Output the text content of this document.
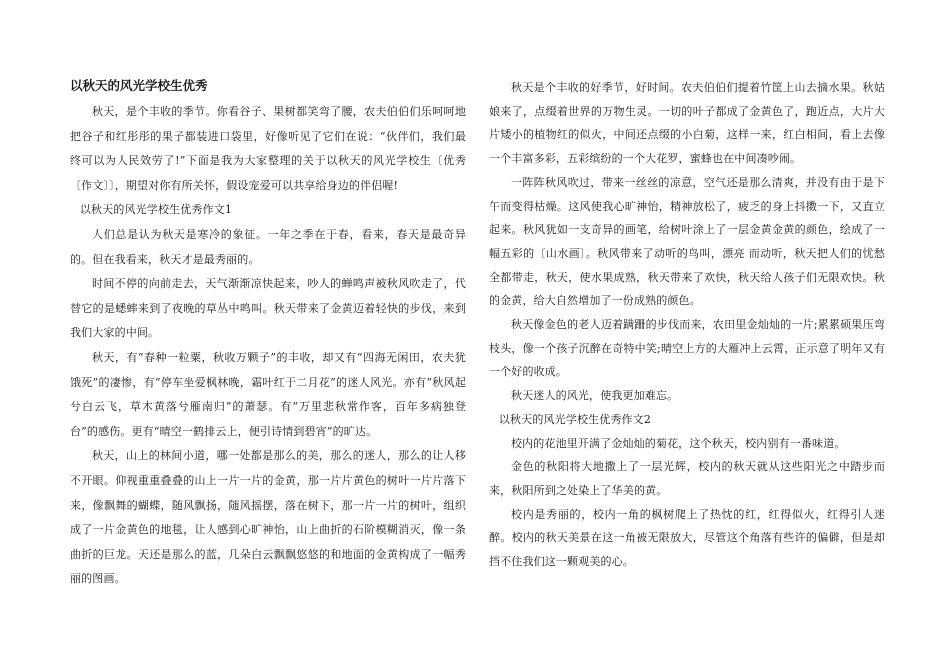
以秋天的风光学校生优秀

秋天，是个丰收的季节。你看谷子、果树都笑弯了腰，农夫伯伯们乐呵呵地把谷子和红彤彤的果子都装进口袋里，好像听见了它们在说：“伙伴们，我们最终可以为人民效劳了!”下面是我为大家整理的关于以秋天的风光学校生〔优秀〔作文〕〕，期望对你有所关怀，假设宠爱可以共享给身边的伴侣喔!

以秋天的风光学校生优秀作文1

人们总是认为秋天是寒冷的象征。一年之季在于春，看来，春天是最奇异的。但在我看来，秋天才是最秀丽的。

时间不停的向前走去，天气渐渐凉快起来，吵人的蝉鸣声被秋风吹走了，代替它的是蟋蟀来到了夜晚的草丛中鸣叫。秋天带来了金黄迈着轻快的步伐，来到我们大家的中间。

秋天，有“春种一粒粟，秋收万颗子”的丰收，却又有“四海无闲田，农夫犹饿死”的凄惨，有“停车坐爱枫林晚，霜叶红于二月花”的迷人风光。亦有“秋风起兮白云飞，草木黄落兮雁南归”的萧瑟。有“万里悲秋常作客，百年多病独登台”的感伤。更有“晴空一鹤排云上，便引诗情到碧宵”的旷达。

秋天，山上的林间小道，哪一处都是那么的美，那么的迷人，那么的让人移不开眼。仰视重重叠叠的山上一片一片的金黄，那一片片黄色的树叶一片片落下来，像飘舞的蝴蝶，随风飘扬，随风摇摆，落在树下，那一片一片的树叶，组织成了一片金黄色的地毯，让人感到心旷神怡，山上曲折的石阶模糊消灭，像一条曲折的巨龙。天还是那么的蓝，几朵白云飘飘悠悠的和地面的金黄构成了一幅秀丽的图画。

秋天是个丰收的好季节，好时间。农夫伯伯们提着竹筐上山去摘水果。秋姑娘来了，点缀着世界的万物生灵。一切的叶子都成了金黄色了，跑近点，大片大片矮小的植物红的似火，中间还点缀的小白菊，这样一来，红白相间，看上去像一个丰富多彩，五彩缤纷的一个大花罗，蜜蜂也在中间凑吵闹。

一阵阵秋风吹过，带来一丝丝的凉意，空气还是那么清爽，并没有由于是下午而变得枯燥。这风使我心旷神怡，精神放松了，疲乏的身上抖擞一下，又直立起来。秋风犹如一支奇异的画笔，给树叶涂上了一层金黄金黄的颜色，绘成了一幅五彩的〔山水画〕。秋风带来了动听的鸟叫，漂亮 而动听，秋天把人们的忧愁全都带走，秋天，使水果成熟，秋天带来了欢快，秋天给人孩子们无限欢快。秋的金黄，给大自然增加了一份成熟的颜色。

秋天像金色的老人迈着蹒跚的步伐而来，农田里金灿灿的一片;累累硕果压弯枝头，像一个孩子沉醉在奇特中笑;晴空上方的大雁冲上云霄，正示意了明年又有一个好的收成。

秋天迷人的风光，使我更加难忘。

以秋天的风光学校生优秀作文2

校内的花池里开满了金灿灿的菊花，这个秋天，校内别有一番味道。

金色的秋阳将大地撒上了一层光辉，校内的秋天就从这些阳光之中踏步而来，秋阳所到之处染上了华美的黄。

校内是秀丽的，校内一角的枫树爬上了热忱的红，红得似火，红得引人迷醉。校内的秋天美景在这一角被无限放大，尽管这个角落有些许的偏僻，但是却挡不住我们这一颗观美的心。
